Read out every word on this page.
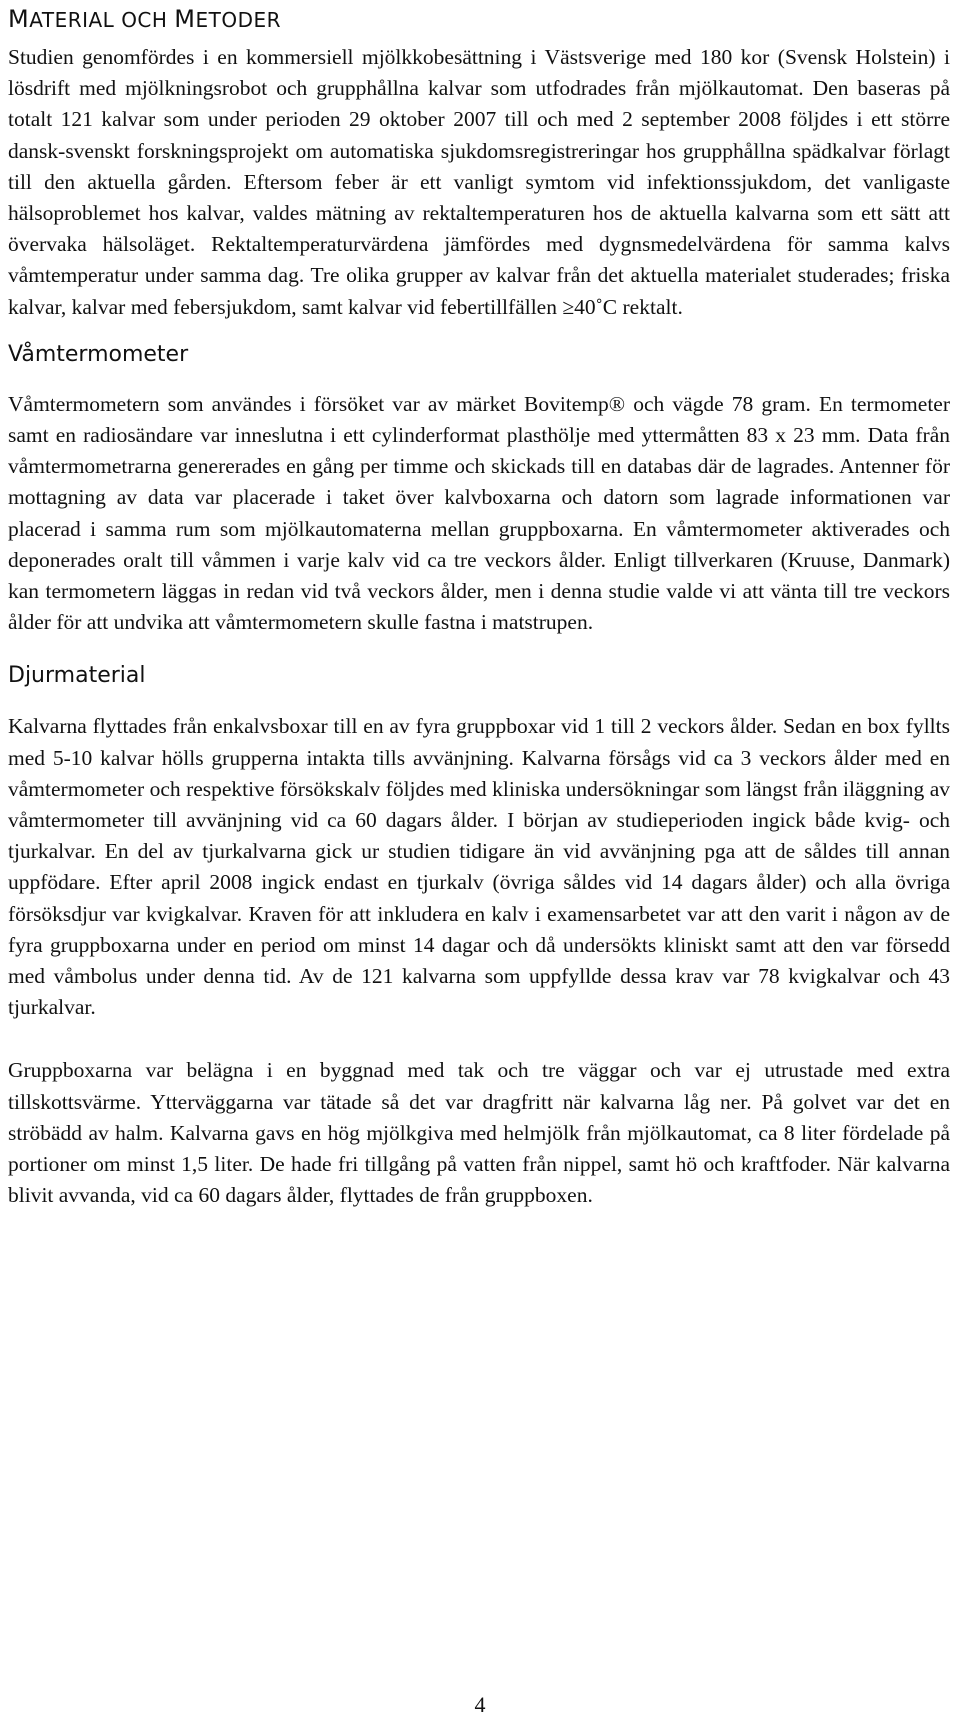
MATERIAL OCH METODER

Studien genomfördes i en kommersiell mjölkkobesättning i Västsverige med 180 kor (Svensk Holstein) i lösdrift med mjölkningsrobot och grupphållna kalvar som utfodrades från mjölkautomat. Den baseras på totalt 121 kalvar som under perioden 29 oktober 2007 till och med 2 september 2008 följdes i ett större dansk-svenskt forskningsprojekt om automatiska sjukdomsregistreringar hos grupphållna spädkalvar förlagt till den aktuella gården. Eftersom feber är ett vanligt symtom vid infektionssjukdom, det vanligaste hälsoproblemet hos kalvar, valdes mätning av rektaltemperaturen hos de aktuella kalvarna som ett sätt att övervaka hälsoläget. Rektaltemperaturvärdena jämfördes med dygnsmedelvärdena för samma kalvs våmtemperatur under samma dag. Tre olika grupper av kalvar från det aktuella materialet studerades; friska kalvar, kalvar med febersjukdom, samt kalvar vid febertillfällen ≥40˚C rektalt.

Våmtermometer

Våmtermometern som användes i försöket var av märket Bovitemp® och vägde 78 gram. En termometer samt en radiosändare var inneslutna i ett cylinderformat plasthölje med yttermåtten 83 x 23 mm. Data från våmtermometrarna genererades en gång per timme och skickads till en databas där de lagrades. Antenner för mottagning av data var placerade i taket över kalvboxarna och datorn som lagrade informationen var placerad i samma rum som mjölkautomaterna mellan gruppboxarna. En våmtermometer aktiverades och deponerades oralt till våmmen i varje kalv vid ca tre veckors ålder. Enligt tillverkaren (Kruuse, Danmark) kan termometern läggas in redan vid två veckors ålder, men i denna studie valde vi att vänta till tre veckors ålder för att undvika att våmtermometern skulle fastna i matstrupen.

Djurmaterial

Kalvarna flyttades från enkalvsboxar till en av fyra gruppboxar vid 1 till 2 veckors ålder. Sedan en box fyllts med 5-10 kalvar hölls grupperna intakta tills avvänjning. Kalvarna försågs vid ca 3 veckors ålder med en våmtermometer och respektive försökskalv följdes med kliniska undersökningar som längst från iläggning av våmtermometer till avvänjning vid ca 60 dagars ålder. I början av studieperioden ingick både kvig- och tjurkalvar. En del av tjurkalvarna gick ur studien tidigare än vid avvänjning pga att de såldes till annan uppfödare. Efter april 2008 ingick endast en tjurkalv (övriga såldes vid 14 dagars ålder) och alla övriga försöksdjur var kvigkalvar. Kraven för att inkludera en kalv i examensarbetet var att den varit i någon av de fyra gruppboxarna under en period om minst 14 dagar och då undersökts kliniskt samt att den var försedd med våmbolus under denna tid. Av de 121 kalvarna som uppfyllde dessa krav var 78 kvigkalvar och 43 tjurkalvar.

Gruppboxarna var belägna i en byggnad med tak och tre väggar och var ej utrustade med extra tillskottsvärme. Ytterväggarna var tätade så det var dragfritt när kalvarna låg ner. På golvet var det en ströbädd av halm. Kalvarna gavs en hög mjölkgiva med helmjölk från mjölkautomat, ca 8 liter fördelade på portioner om minst 1,5 liter. De hade fri tillgång på vatten från nippel, samt hö och kraftfoder. När kalvarna blivit avvanda, vid ca 60 dagars ålder, flyttades de från gruppboxen.

4
